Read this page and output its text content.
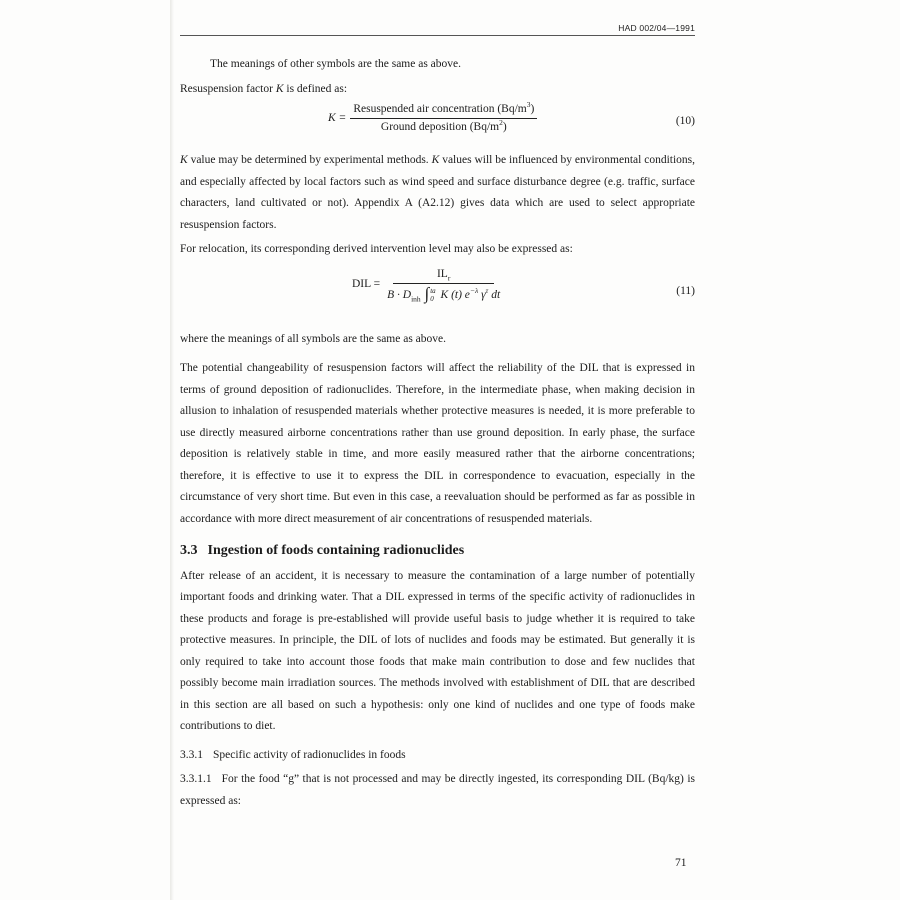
HAD 002/04—1991

The meanings of other symbols are the same as above.

Resuspension factor K is defined as:

$K = \frac{Resuspended air concentration (Bq/m^3)}{Ground deposition (Bq/m^2)}$	(10)

K value may be determined by experimental methods. K values will be influenced by environmental conditions, and especially affected by local factors such as wind speed and surface disturbance degree (e.g. traffic, surface characters, land cultivated or not). Appendix A (A2.12) gives data which are used to select appropriate resuspension factors.

For relocation, its corresponding derived intervention level may also be expressed as:

DIL = $IL_r$
$B \cdot D_{inh}$ ∫ ta
0 K (t) $e^{-\lambda}$ $\gamma^\tau$ dt	(11)

where the meanings of all symbols are the same as above.

The potential changeability of resuspension factors will affect the reliability of the DIL that is expressed in terms of ground deposition of radionuclides. Therefore, in the intermediate phase, when making decision in allusion to inhalation of resuspended materials whether protective measures is needed, it is more preferable to use directly measured airborne concentrations rather than use ground deposition. In early phase, the surface deposition is relatively stable in time, and more easily measured rather that the airborne concentrations; therefore, it is effective to use it to express the DIL in correspondence to evacuation, especially in the circumstance of very short time. But even in this case, a reevaluation should be performed as far as possible in accordance with more direct measurement of air concentrations of resuspended materials.

3.3 Ingestion of foods containing radionuclides

After release of an accident, it is necessary to measure the contamination of a large number of potentially important foods and drinking water. That a DIL expressed in terms of the specific activity of radionuclides in these products and forage is pre-established will provide useful basis to judge whether it is required to take protective measures. In principle, the DIL of lots of nuclides and foods may be estimated. But generally it is only required to take into account those foods that make main contribution to dose and few nuclides that possibly become main irradiation sources. The methods involved with establishment of DIL that are described in this section are all based on such a hypothesis: only one kind of nuclides and one type of foods make contributions to diet.

3.3.1 Specific activity of radionuclides in foods

3.3.1.1 For the food “g” that is not processed and may be directly ingested, its corresponding DIL (Bq/kg) is expressed as:

71
